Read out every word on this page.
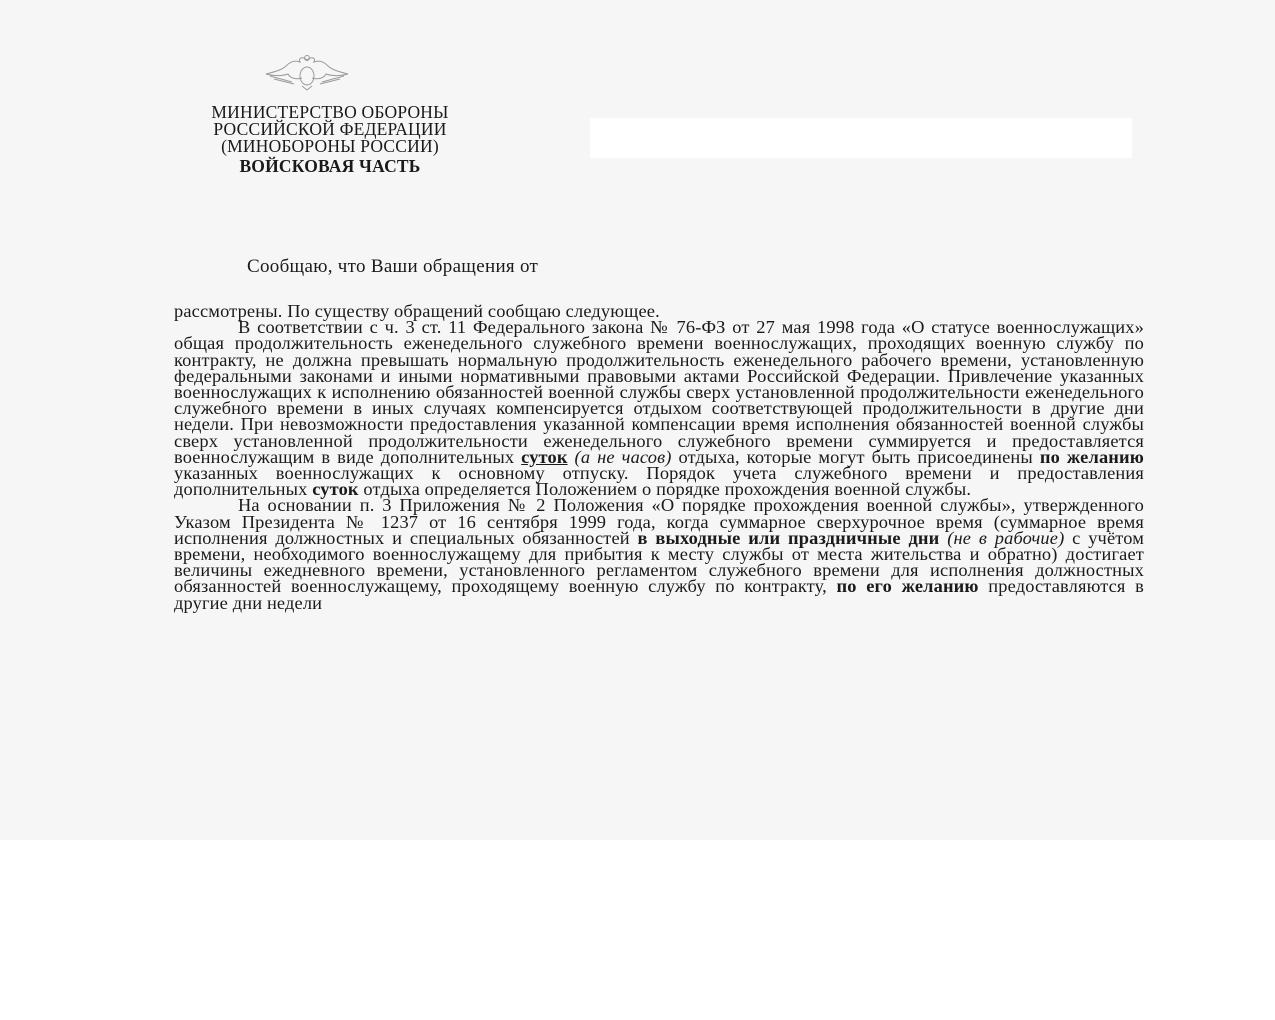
МИНИСТЕРСТВО ОБОРОНЫ
РОССИЙСКОЙ ФЕДЕРАЦИИ
(МИНОБОРОНЫ РОССИИ)
ВОЙСКОВАЯ ЧАСТЬ
Сообщаю, что Ваши обращения от

рассмотрены. По существу обращений сообщаю следующее.

В соответствии с ч. 3 ст. 11 Федерального закона № 76-ФЗ от 27 мая 1998 года «О статусе военнослужащих» общая продолжительность еженедельного служебного времени военнослужащих, проходящих военную службу по контракту, не должна превышать нормальную продолжительность еженедельного рабочего времени, установленную федеральными законами и иными нормативными правовыми актами Российской Федерации. Привлечение указанных военнослужащих к исполнению обязанностей военной службы сверх установленной продолжительности еженедельного служебного времени в иных случаях компенсируется отдыхом соответствующей продолжительности в другие дни недели. При невозможности предоставления указанной компенсации время исполнения обязанностей военной службы сверх установленной продолжительности еженедельного служебного времени суммируется и предоставляется военнослужащим в виде дополнительных суток (а не часов) отдыха, которые могут быть присоединены по желанию указанных военнослужащих к основному отпуску. Порядок учета служебного времени и предоставления дополнительных суток отдыха определяется Положением о порядке прохождения военной службы.

На основании п. 3 Приложения № 2 Положения «О порядке прохождения военной службы», утвержденного Указом Президента № 1237 от 16 сентября 1999 года, когда суммарное сверхурочное время (суммарное время исполнения должностных и специальных обязанностей в выходные или праздничные дни (не в рабочие) с учётом времени, необходимого военнослужащему для прибытия к месту службы от места жительства и обратно) достигает величины ежедневного времени, установленного регламентом служебного времени для исполнения должностных обязанностей военнослужащему, проходящему военную службу по контракту, по его желанию предоставляются в другие дни недели
